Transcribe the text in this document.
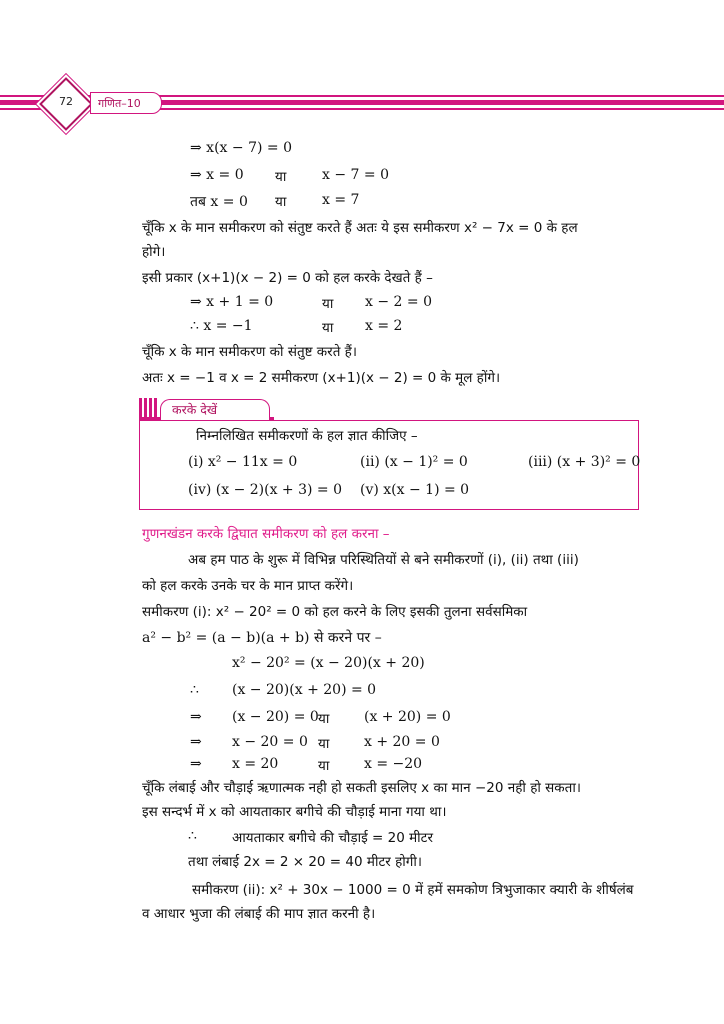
72	गणित–10
⇒ x(x − 7) = 0
⇒ x = 0 या	x − 7 = 0
तब x = 0 या	x = 7
चूँकि x के मान समीकरण को संतुष्ट करते हैं अतः ये इस समीकरण x² − 7x = 0 के हल
होगे।
इसी प्रकार (x+1)(x − 2) = 0 को हल करके देखते हैं –
⇒ x + 1 = 0	या x − 2 = 0
∴ x = −1	या x = 2
चूँकि x के मान समीकरण को संतुष्ट करते हैं।
अतः x = −1 व x = 2 समीकरण (x+1)(x − 2) = 0 के मूल होंगे।
करके देखें
निम्नलिखित समीकरणों के हल ज्ञात कीजिए –
(i) x² − 11x = 0	(ii) (x − 1)² = 0	(iii) (x + 3)² = 0
(iv) (x − 2)(x + 3) = 0 (v) x(x − 1) = 0
गुणनखंडन करके द्विघात समीकरण को हल करना –
अब हम पाठ के शुरू में विभिन्न परिस्थितियों से बने समीकरणों (i), (ii) तथा (iii)
को हल करके उनके चर के मान प्राप्त करेंगे।
समीकरण (i): x² − 20² = 0 को हल करने के लिए इसकी तुलना सर्वसमिका
a² − b² = (a − b)(a + b) से करने पर –
x² − 20² = (x − 20)(x + 20)
∴ (x − 20)(x + 20) = 0
⇒ (x − 20) = 0 या (x + 20) = 0
⇒ x − 20 = 0 या x + 20 = 0
⇒ x = 20	या x = −20
चूँकि लंबाई और चौड़ाई ऋणात्मक नही हो सकती इसलिए x का मान −20 नही हो सकता।
इस सन्दर्भ में x को आयताकार बगीचे की चौड़ाई माना गया था।
∴	आयताकार बगीचे की चौड़ाई = 20 मीटर
तथा लंबाई 2x = 2 × 20 = 40 मीटर होगी।
समीकरण (ii): x² + 30x − 1000 = 0 में हमें समकोण त्रिभुजाकार क्यारी के शीर्षलंब
व आधार भुजा की लंबाई की माप ज्ञात करनी है।
